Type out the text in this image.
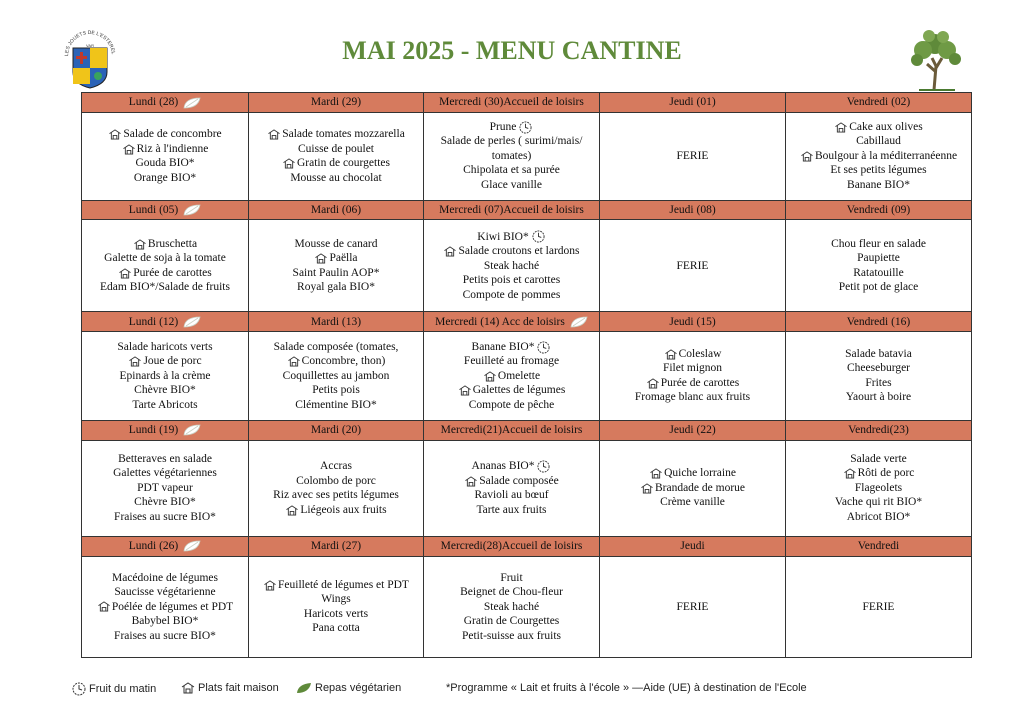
MAI 2025 - MENU CANTINE
LES JOUETS DE L'ESTEREL
VAR
Lundi (28)	Mardi (29)	Mercredi (30)Accueil de loisirs	Jeudi (01)	Vendredi (02)

Salade de concombre
Riz à l'indienne
Gouda BIO*
Orange BIO*	Salade tomates mozzarella
Cuisse de poulet
Gratin de courgettes
Mousse au chocolat	Prune
Salade de perles ( surimi/mais/
tomates)
Chipolata et sa purée
Glace vanille	FERIE	Cake aux olives
Cabillaud
Boulgour à la méditerranéenne
Et ses petits légumes
Banane BIO*

Lundi (05)	Mardi (06)	Mercredi (07)Accueil de loisirs	Jeudi (08)	Vendredi (09)

Bruschetta
Galette de soja à la tomate
Purée de carottes
Edam BIO*/Salade de fruits	Mousse de canard
Paëlla
Saint Paulin AOP*
Royal gala BIO*	Kiwi BIO*
Salade croutons et lardons
Steak haché
Petits pois et carottes
Compote de pommes	FERIE	Chou fleur en salade
Paupiette
Ratatouille
Petit pot de glace

Lundi (12)	Mardi (13)	Mercredi (14) Acc de loisirs	Jeudi (15)	Vendredi (16)

Salade haricots verts
Joue de porc
Epinards à la crème
Chèvre BIO*
Tarte Abricots	Salade composée (tomates,
Concombre, thon)
Coquillettes au jambon
Petits pois
Clémentine BIO*	Banane BIO*
Feuilleté au fromage
Omelette
Galettes de légumes
Compote de pêche	Coleslaw
Filet mignon
Purée de carottes
Fromage blanc aux fruits	Salade batavia
Cheeseburger
Frites
Yaourt à boire

Lundi (19)	Mardi (20)	Mercredi(21)Accueil de loisirs	Jeudi (22)	Vendredi(23)

Betteraves en salade
Galettes végétariennes
PDT vapeur
Chèvre BIO*
Fraises au sucre BIO*	Accras
Colombo de porc
Riz avec ses petits légumes
Liégeois aux fruits	Ananas BIO*
Salade composée
Ravioli au bœuf
Tarte aux fruits	Quiche lorraine
Brandade de morue
Crème vanille	Salade verte
Rôti de porc
Flageolets
Vache qui rit BIO*
Abricot BIO*

Lundi (26)	Mardi (27)	Mercredi(28)Accueil de loisirs	Jeudi	Vendredi

Macédoine de légumes
Saucisse végétarienne
Poélée de légumes et PDT
Babybel BIO*
Fraises au sucre BIO*	Feuilleté de légumes et PDT
Wings
Haricots verts
Pana cotta	Fruit
Beignet de Chou-fleur
Steak haché
Gratin de Courgettes
Petit-suisse aux fruits	FERIE	FERIE
Fruit du matin	Plats fait maison	Repas végétarien	*Programme « Lait et fruits à l'école » —Aide (UE) à destination de l'Ecole
